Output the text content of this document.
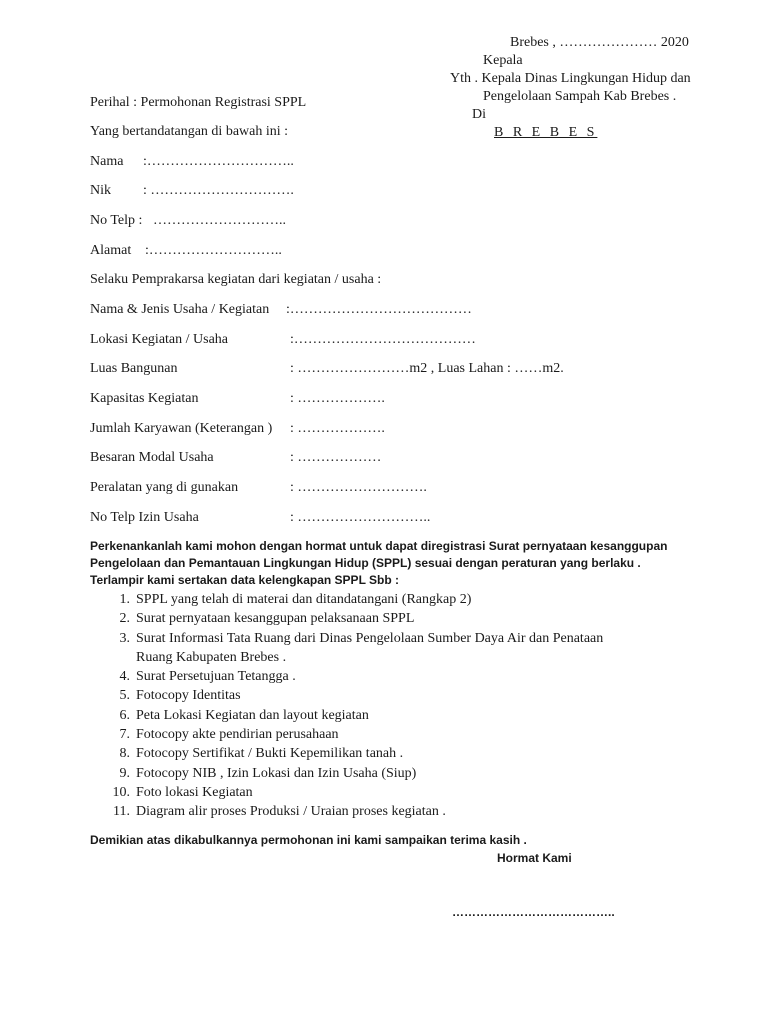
Brebes , ………………… 2020
Kepala
Yth . Kepala Dinas Lingkungan Hidup dan
Pengelolaan Sampah Kab Brebes .
Di
B R E B E S
Perihal : Permohonan Registrasi SPPL
Yang bertandatangan di bawah ini :
Nama :…………………………..
Nik : ………………………….
No Telp : ………………………..
Alamat :………………………..
Selaku Pemprakarsa kegiatan dari kegiatan / usaha :
Nama & Jenis Usaha / Kegiatan :…………………………………
Lokasi Kegiatan / Usaha	:…………………………………
Luas Bangunan	: ……………………m2 , Luas Lahan : ……m2.
Kapasitas Kegiatan	: ……………….
Jumlah Karyawan (Keterangan ) : ……………….
Besaran Modal Usaha	: ………………
Peralatan yang di gunakan	: ……………………….
No Telp Izin Usaha	: ………………………..
Perkenankanlah kami mohon dengan hormat untuk dapat diregistrasi Surat pernyataan kesanggupan
Pengelolaan dan Pemantauan Lingkungan Hidup (SPPL) sesuai dengan peraturan yang berlaku .
Terlampir kami sertakan data kelengkapan SPPL Sbb :
1. SPPL yang telah di materai dan ditandatangani (Rangkap 2)
2. Surat pernyataan kesanggupan pelaksanaan SPPL
3. Surat Informasi Tata Ruang dari Dinas Pengelolaan Sumber Daya Air dan Penataan
Ruang Kabupaten Brebes .
4. Surat Persetujuan Tetangga .
5. Fotocopy Identitas
6. Peta Lokasi Kegiatan dan layout kegiatan
7. Fotocopy akte pendirian perusahaan
8. Fotocopy Sertifikat / Bukti Kepemilikan tanah .
9. Fotocopy NIB , Izin Lokasi dan Izin Usaha (Siup)
10. Foto lokasi Kegiatan
11. Diagram alir proses Produksi / Uraian proses kegiatan .
Demikian atas dikabulkannya permohonan ini kami sampaikan terima kasih .
Hormat Kami
…………………………………..
